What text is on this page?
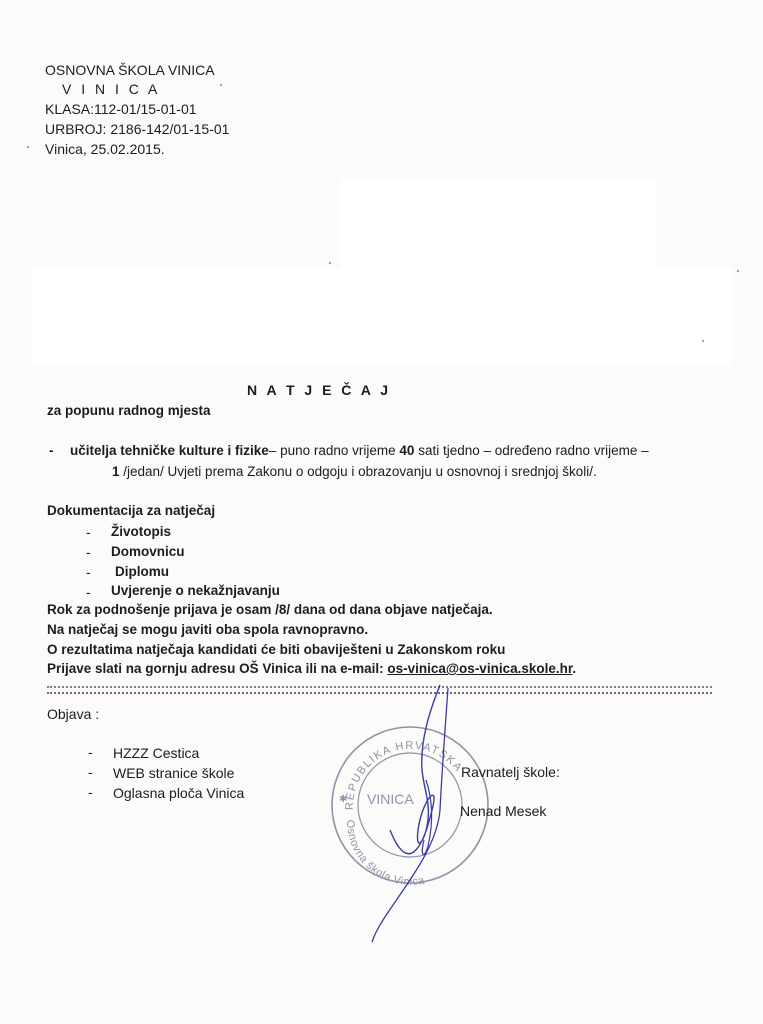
OSNOVNA ŠKOLA VINICA
V I N I C A
KLASA:112-01/15-01-01
URBROJ: 2186-142/01-15-01
Vinica, 25.02.2015.
N A T J E Č A J
za popunu radnog mjesta
- učitelja tehničke kulture i fizike– puno radno vrijeme 40 sati tjedno – određeno radno vrijeme –
1 /jedan/ Uvjeti prema Zakonu o odgoju i obrazovanju u osnovnoj i srednjoj školi/.
Dokumentacija za natječaj
- Životopis
- Domovnicu
- Diplomu
- Uvjerenje o nekažnjavanju
Rok za podnošenje prijava je osam /8/ dana od dana objave natječaja.
Na natječaj se mogu javiti oba spola ravnopravno.
O rezultatima natječaja kandidati će biti obaviješteni u Zakonskom roku
Prijave slati na gornju adresu OŠ Vinica ili na e-mail: os-vinica@os-vinica.skole.hr.
Objava :
- HZZZ Cestica
- WEB stranice škole
- Oglasna ploča Vinica
REPUBLIKA HRVATSKA
Osnovna škola Vinica
VINICA
✱
Ravnatelj škole:
Nenad Mesek
